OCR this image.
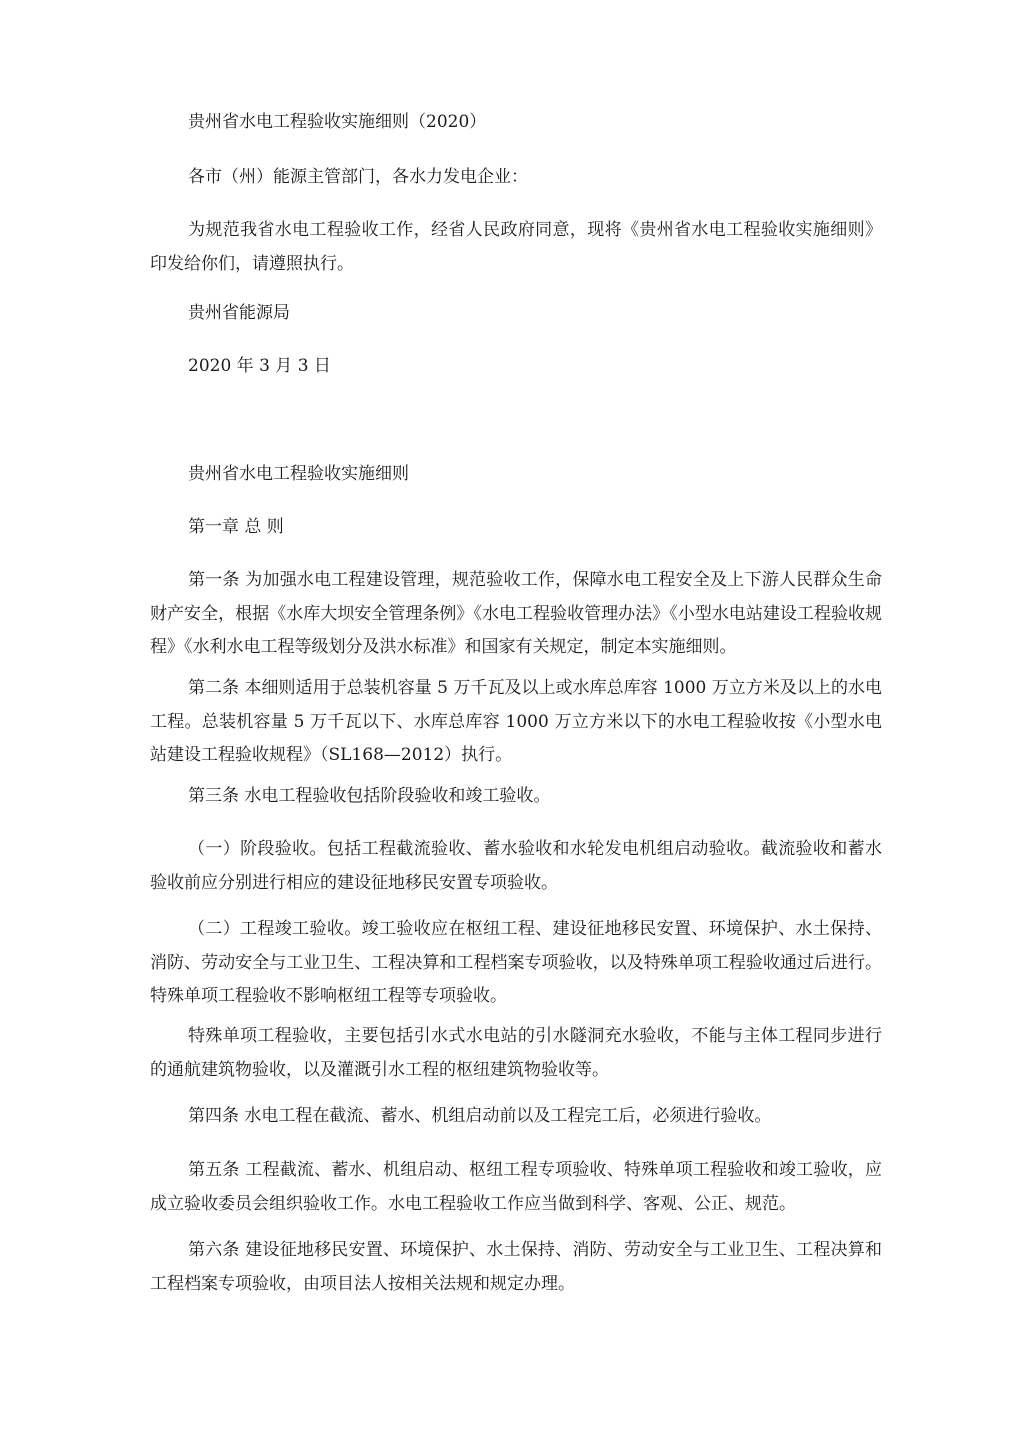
贵州省水电工程验收实施细则（2020）

各市（州）能源主管部门，各水力发电企业：

为规范我省水电工程验收工作，经省人民政府同意，现将《贵州省水电工程验收实施细则》印发给你们，请遵照执行。

贵州省能源局

2020 年 3 月 3 日

贵州省水电工程验收实施细则

第一章 总 则

第一条 为加强水电工程建设管理，规范验收工作，保障水电工程安全及上下游人民群众生命财产安全，根据《水库大坝安全管理条例》《水电工程验收管理办法》《小型水电站建设工程验收规程》《水利水电工程等级划分及洪水标准》和国家有关规定，制定本实施细则。

第二条 本细则适用于总装机容量 5 万千瓦及以上或水库总库容 1000 万立方米及以上的水电工程。总装机容量 5 万千瓦以下、水库总库容 1000 万立方米以下的水电工程验收按《小型水电站建设工程验收规程》（SL168—2012）执行。

第三条 水电工程验收包括阶段验收和竣工验收。

（一）阶段验收。包括工程截流验收、蓄水验收和水轮发电机组启动验收。截流验收和蓄水验收前应分别进行相应的建设征地移民安置专项验收。

（二）工程竣工验收。竣工验收应在枢纽工程、建设征地移民安置、环境保护、水土保持、消防、劳动安全与工业卫生、工程决算和工程档案专项验收，以及特殊单项工程验收通过后进行。特殊单项工程验收不影响枢纽工程等专项验收。

特殊单项工程验收，主要包括引水式水电站的引水隧洞充水验收，不能与主体工程同步进行的通航建筑物验收，以及灌溉引水工程的枢纽建筑物验收等。

第四条 水电工程在截流、蓄水、机组启动前以及工程完工后，必须进行验收。

第五条 工程截流、蓄水、机组启动、枢纽工程专项验收、特殊单项工程验收和竣工验收，应成立验收委员会组织验收工作。水电工程验收工作应当做到科学、客观、公正、规范。

第六条 建设征地移民安置、环境保护、水土保持、消防、劳动安全与工业卫生、工程决算和工程档案专项验收，由项目法人按相关法规和规定办理。
